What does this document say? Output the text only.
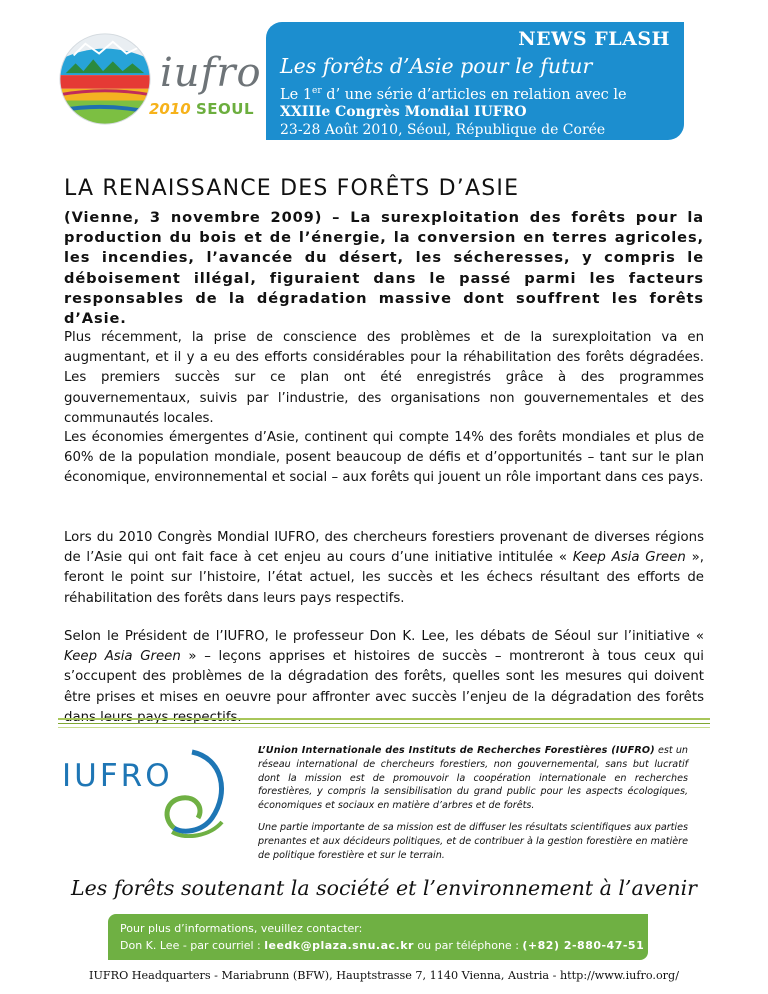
iufro
2010 SEOUL
NEWS FLASH
Les forêts d’Asie pour le futur
Le 1er d’ une série d’articles en relation avec le
XXIIIe Congrès Mondial IUFRO
23-28 Août 2010, Séoul, République de Corée
LA RENAISSANCE DES FORÊTS D’ASIE
(Vienne, 3 novembre 2009) – La surexploitation des forêts pour la production du bois et de l’énergie, la conversion en terres agricoles, les incendies, l’avancée du désert, les sécheresses, y compris le déboisement illégal, figuraient dans le passé parmi les facteurs responsables de la dégradation massive dont souffrent les forêts d’Asie.
Plus récemment, la prise de conscience des problèmes et de la surexploitation va en augmentant, et il y a eu des efforts considérables pour la réhabilitation des forêts dégradées. Les premiers succès sur ce plan ont été enregistrés grâce à des programmes gouvernementaux, suivis par l’industrie, des organisations non gouvernementales et des communautés locales.
Les économies émergentes d’Asie, continent qui compte 14% des forêts mondiales et plus de 60% de la population mondiale, posent beaucoup de défis et d’opportunités – tant sur le plan économique, environnemental et social – aux forêts qui jouent un rôle important dans ces pays.
Lors du 2010 Congrès Mondial IUFRO, des chercheurs forestiers provenant de diverses régions de l’Asie qui ont fait face à cet enjeu au cours d’une initiative intitulée « Keep Asia Green », feront le point sur l’histoire, l’état actuel, les succès et les échecs résultant des efforts de réhabilitation des forêts dans leurs pays respectifs.
Selon le Président de l’IUFRO, le professeur Don K. Lee, les débats de Séoul sur l’initiative « Keep Asia Green » – leçons apprises et histoires de succès – montreront à tous ceux qui s’occupent des problèmes de la dégradation des forêts, quelles sont les mesures qui doivent être prises et mises en oeuvre pour affronter avec succès l’enjeu de la dégradation des forêts
IUFRO

L’Union Internationale des Instituts de Recherches Forestières (IUFRO) est un réseau international de chercheurs forestiers, non gouvernemental, sans but lucratif dont la mission est de promouvoir la coopération internationale en recherches forestières, y compris la sensibilisation du grand public pour les aspects écologiques, économiques et sociaux en matière d’arbres et de forêts.

Une partie importante de sa mission est de diffuser les résultats scientifiques aux parties prenantes et aux décideurs politiques, et de contribuer à la gestion forestière en matière de politique forestière et sur le terrain.

Les forêts soutenant la société et l’environnement à l’avenir
Pour plus d’informations, veuillez contacter:
Don K. Lee - par courriel : leedk@plaza.snu.ac.kr ou par téléphone : (+82) 2-880-47-51
IUFRO Headquarters - Mariabrunn (BFW), Hauptstrasse 7, 1140 Vienna, Austria - http://www.iufro.org/
